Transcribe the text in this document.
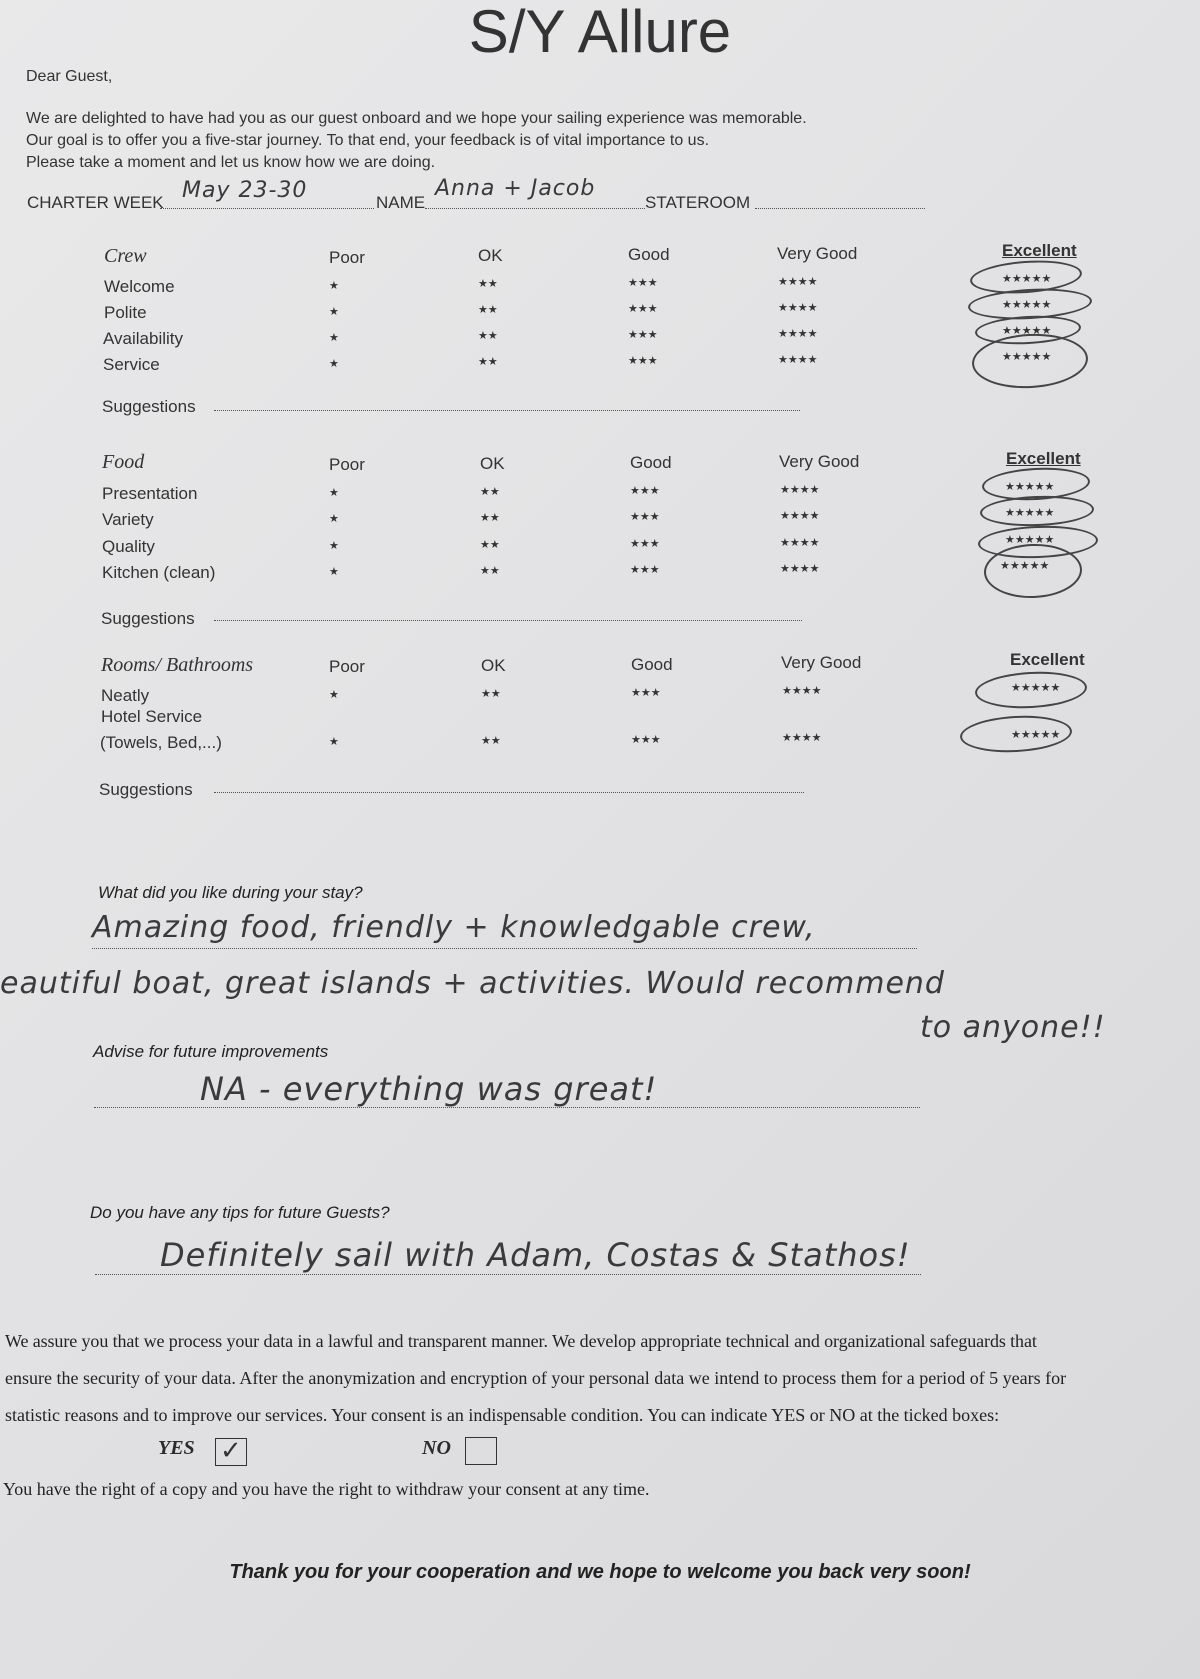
S/Y Allure
Dear Guest,
We are delighted to have had you as our guest onboard and we hope your sailing experience was memorable.
Our goal is to offer you a five-star journey. To that end, your feedback is of vital importance to us.
Please take a moment and let us know how we are doing.
CHARTER WEEK May 23-30	NAME
Anna + Jacob
STATEROOM
Crew	Poor	OK	Good	Very Good	Excellent
Welcome	★	★★	★★★	★★★★	★★★★★
Polite	★	★★	★★★	★★★★	★★★★★
Availability	★	★★	★★★	★★★★	★★★★★
Service	★	★★	★★★	★★★★	★★★★★
Suggestions
Food	Poor	OK	Good	Very Good	Excellent
Presentation	★	★★	★★★	★★★★	★★★★★
Variety	★	★★	★★★	★★★★	★★★★★
Quality	★	★★	★★★	★★★★	★★★★★
Kitchen (clean)	★	★★	★★★	★★★★	★★★★★
Suggestions
Rooms/ Bathrooms	Poor	OK	Good	Very Good	Excellent
Neatly	★	★★	★★★	★★★★	★★★★★
Hotel Service
(Towels, Bed,...)	★	★★	★★★	★★★★	★★★★★
Suggestions
What did you like during your stay?
Amazing food, friendly + knowledgable crew,
eautiful boat, great islands + activities. Would recommend
to anyone!!
Advise for future improvements
NA - everything was great!
Do you have any tips for future Guests?
Definitely sail with Adam, Costas & Stathos!
We assure you that we process your data in a lawful and transparent manner. We develop appropriate technical and organizational safeguards that
ensure the security of your data. After the anonymization and encryption of your personal data we intend to process them for a period of 5 years for
statistic reasons and to improve our services. Your consent is an indispensable condition. You can indicate YES or NO at the ticked boxes:
YES ✓	NO
You have the right of a copy and you have the right to withdraw your consent at any time.
Thank you for your cooperation and we hope to welcome you back very soon!
